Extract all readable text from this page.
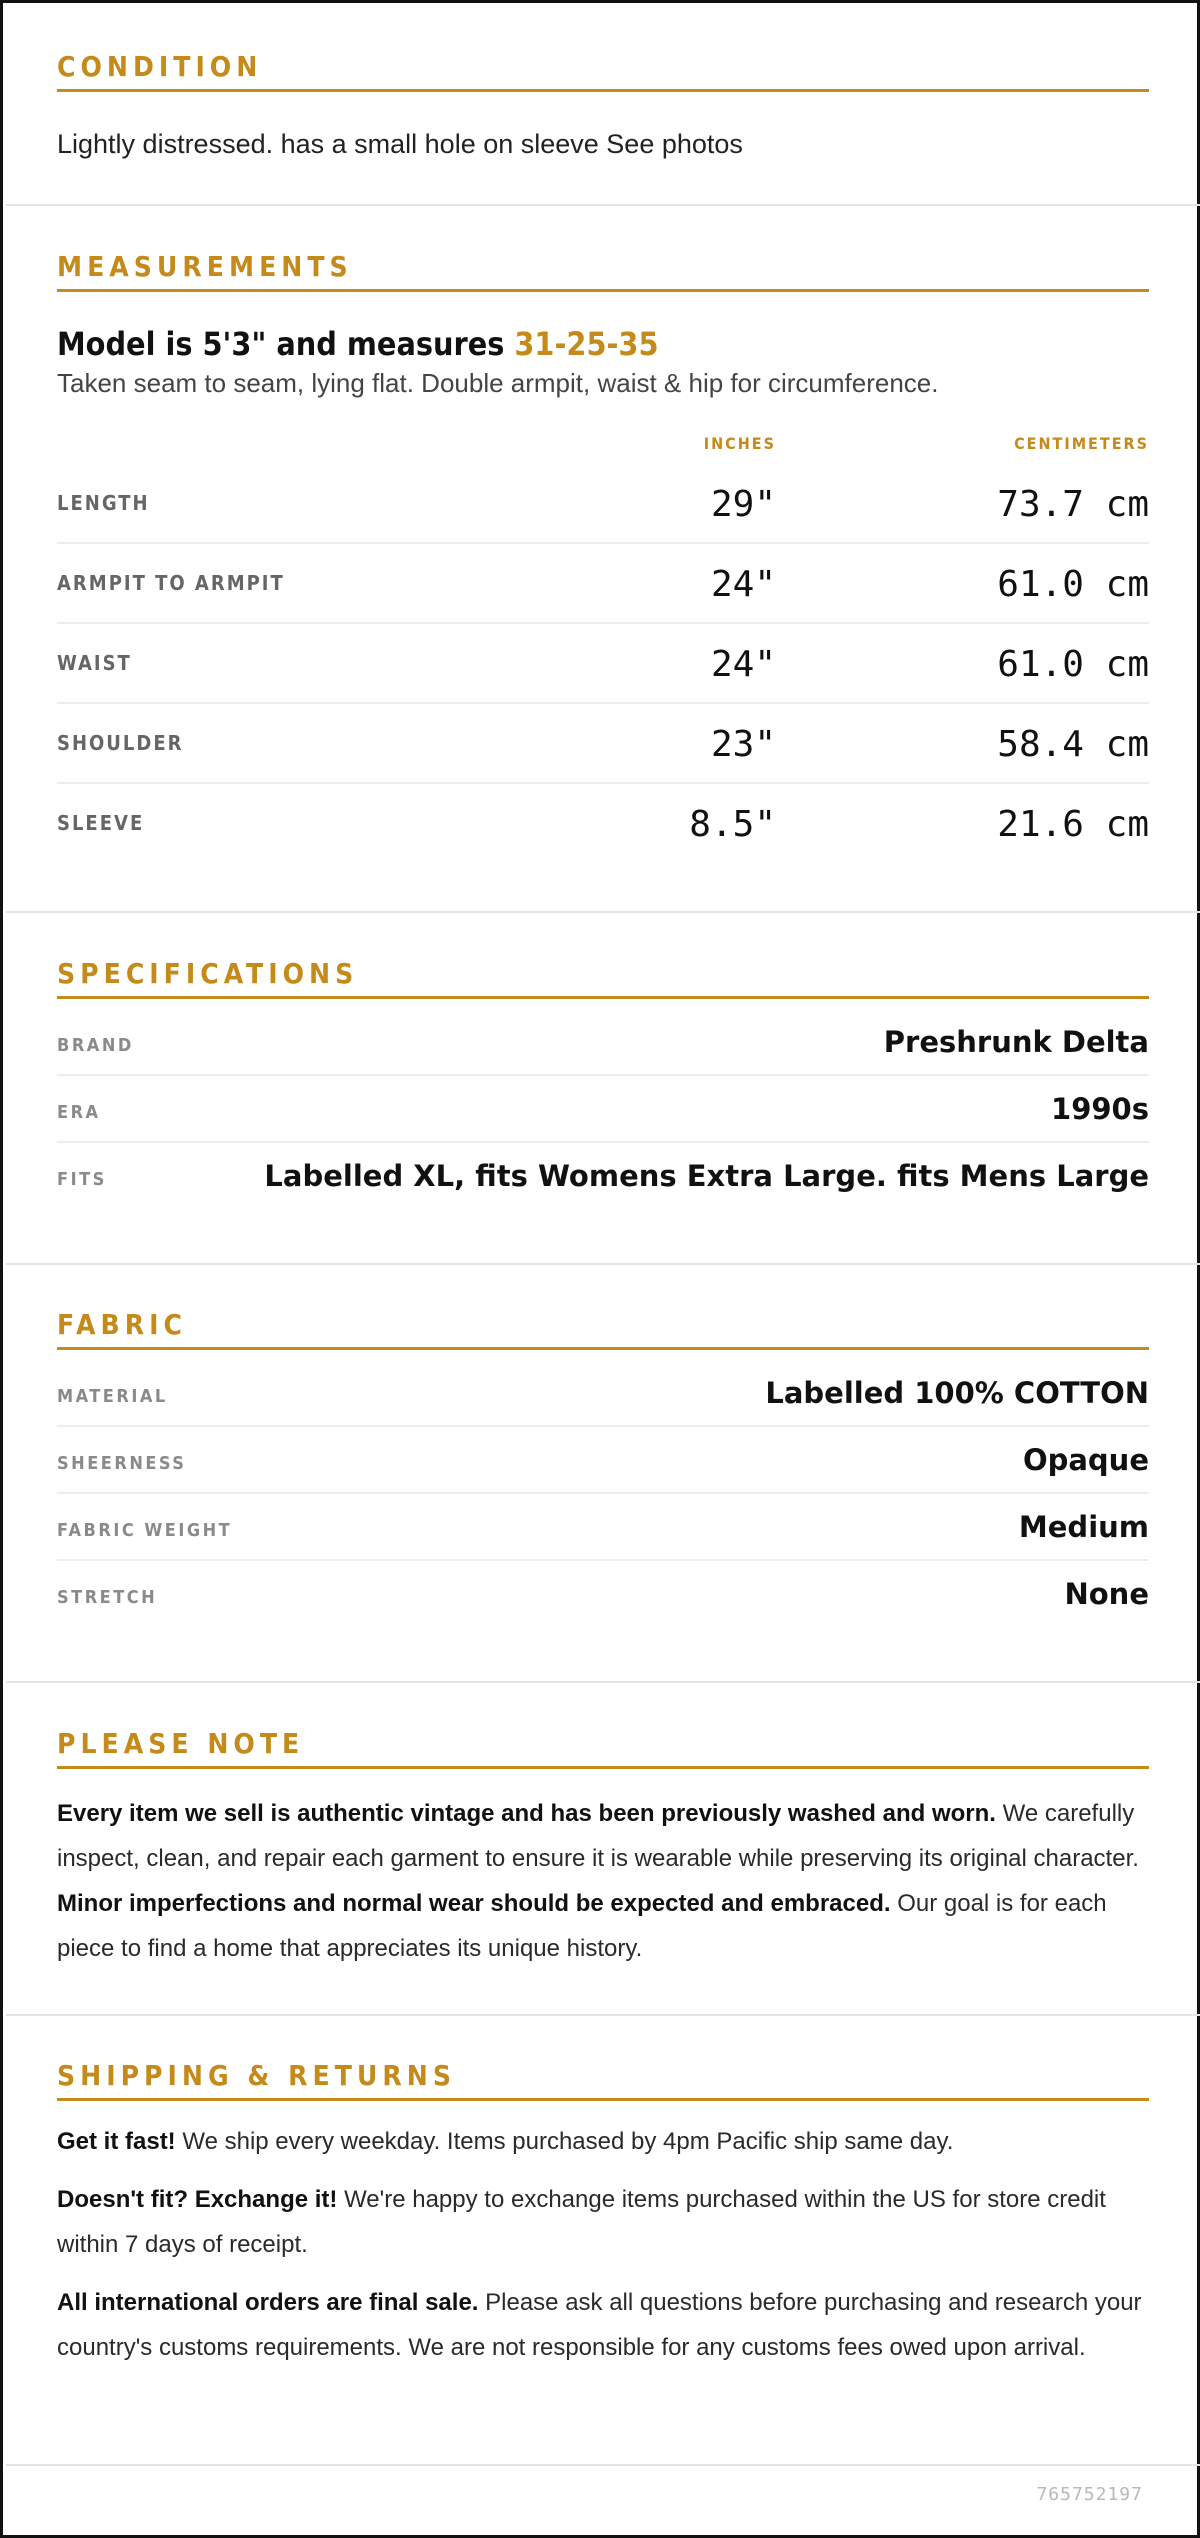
CONDITION
Lightly distressed. has a small hole on sleeve See photos
MEASUREMENTS
Model is 5'3" and measures 31-25-35
Taken seam to seam, lying flat. Double armpit, waist & hip for circumference.
INCHES	CENTIMETERS
LENGTH	29"	73.7 cm
ARMPIT TO ARMPIT	24"	61.0 cm
WAIST	24"	61.0 cm
SHOULDER	23"	58.4 cm
SLEEVE	8.5"	21.6 cm
SPECIFICATIONS
BRAND	Preshrunk Delta
ERA	1990s
FITS	Labelled XL, fits Womens Extra Large. fits Mens Large
FABRIC
MATERIAL	Labelled 100% COTTON
SHEERNESS	Opaque
FABRIC WEIGHT	Medium
STRETCH	None
PLEASE NOTE

Every item we sell is authentic vintage and has been previously washed and worn. We carefully inspect, clean, and repair each garment to ensure it is wearable while preserving its original character. Minor imperfections and normal wear should be expected and embraced. Our goal is for each piece to find a home that appreciates its unique history.

SHIPPING & RETURNS

Get it fast! We ship every weekday. Items purchased by 4pm Pacific ship same day.

Doesn't fit? Exchange it! We're happy to exchange items purchased within the US for store credit within 7 days of receipt.

All international orders are final sale. Please ask all questions before purchasing and research your country's customs requirements. We are not responsible for any customs fees owed upon arrival.

765752197
